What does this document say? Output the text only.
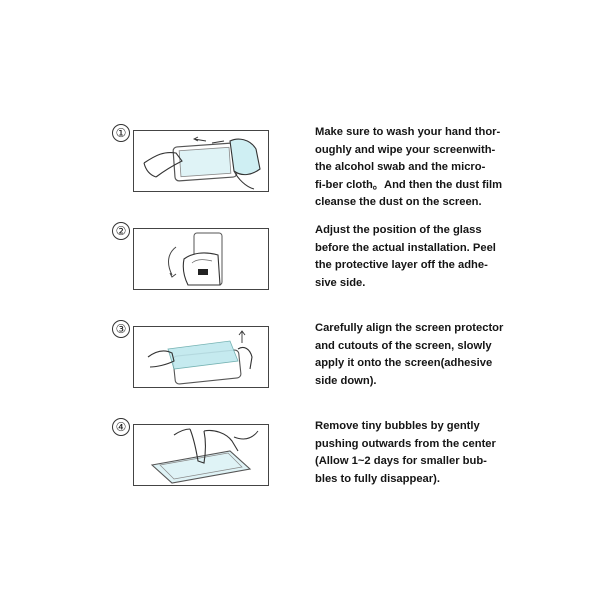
①	Make sure to wash your hand thor-
oughly and wipe your screenwith-
the alcohol swab and the micro-
fi-ber cloth。And then the dust film
cleanse the dust on the screen.
②	Adjust the position of the glass
before the actual installation. Peel
the protective layer off the adhe-
sive side.
③	Carefully align the screen protector
and cutouts of the screen, slowly
apply it onto the screen(adhesive
side down).
④	Remove tiny bubbles by gently
pushing outwards from the center
(Allow 1~2 days for smaller bub-
bles to fully disappear).
